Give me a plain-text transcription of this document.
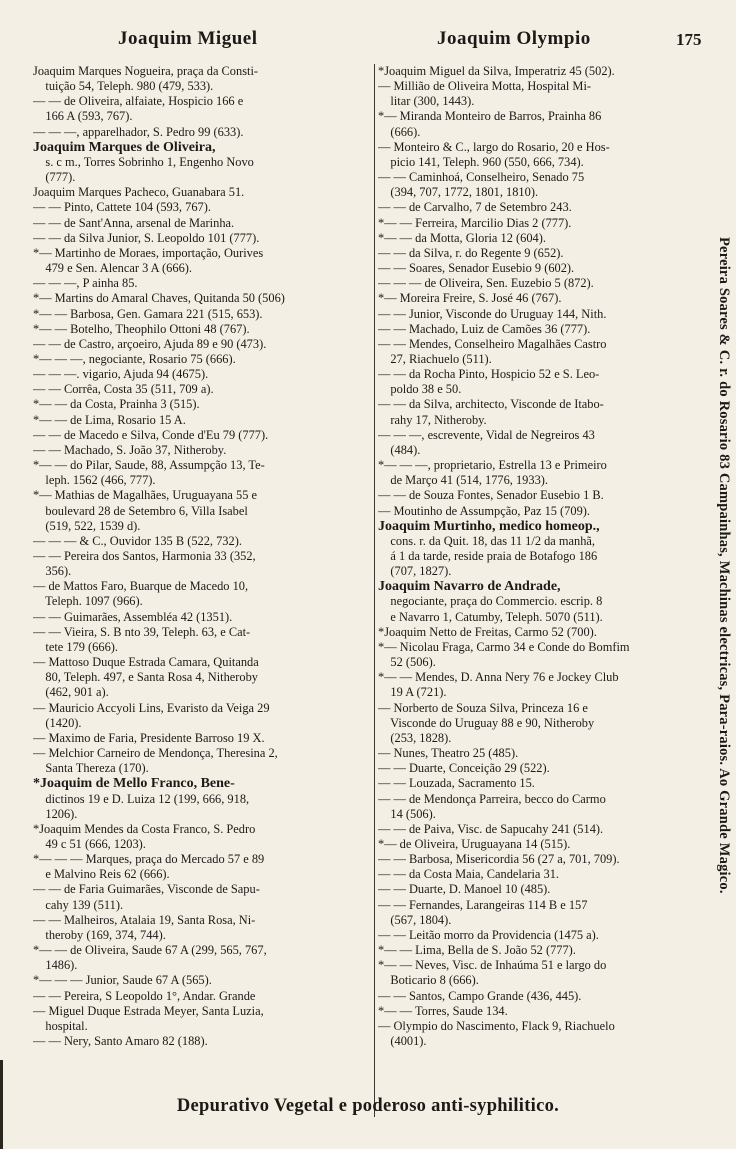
Joaquim Miguel	Joaquim Olympio	175
Joaquim Marques Nogueira, praça da Consti-
tuição 54, Teleph. 980 (479, 533).
— — de Oliveira, alfaiate, Hospicio 166 e
166 A (593, 767).
— — —, apparelhador, S. Pedro 99 (633).
Joaquim Marques de Oliveira,
s. c m., Torres Sobrinho 1, Engenho Novo
(777).
Joaquim Marques Pacheco, Guanabara 51.
— — Pinto, Cattete 104 (593, 767).
— — de Sant'Anna, arsenal de Marinha.
— — da Silva Junior, S. Leopoldo 101 (777).
*— Martinho de Moraes, importação, Ourives
479 e Sen. Alencar 3 A (666).
— — —, P ainha 85.
*— Martins do Amaral Chaves, Quitanda 50 (506)
*— — Barbosa, Gen. Gamara 221 (515, 653).
*— — Botelho, Theophilo Ottoni 48 (767).
— — de Castro, arçoeiro, Ajuda 89 e 90 (473).
*— — —, negociante, Rosario 75 (666).
— — —. vigario, Ajuda 94 (4675).
— — Corrêa, Costa 35 (511, 709 a).
*— — da Costa, Prainha 3 (515).
*— — de Lima, Rosario 15 A.
— — de Macedo e Silva, Conde d'Eu 79 (777).
— — Machado, S. João 37, Nitheroby.
*— — do Pilar, Saude, 88, Assumpção 13, Te-
leph. 1562 (466, 777).
*— Mathias de Magalhães, Uruguayana 55 e
boulevard 28 de Setembro 6, Villa Isabel
(519, 522, 1539 d).
— — — & C., Ouvidor 135 B (522, 732).
— — Pereira dos Santos, Harmonia 33 (352,
356).
— de Mattos Faro, Buarque de Macedo 10,
Teleph. 1097 (966).
— — Guimarães, Assembléa 42 (1351).
— — Vieira, S. B nto 39, Teleph. 63, e Cat-
tete 179 (666).
— Mattoso Duque Estrada Camara, Quitanda
80, Teleph. 497, e Santa Rosa 4, Nitheroby
(462, 901 a).
— Mauricio Accyoli Lins, Evaristo da Veiga 29
(1420).
— Maximo de Faria, Presidente Barroso 19 X.
— Melchior Carneiro de Mendonça, Theresina 2,
Santa Thereza (170).
*Joaquim de Mello Franco, Bene-
dictinos 19 e D. Luiza 12 (199, 666, 918,
1206).
*Joaquim Mendes da Costa Franco, S. Pedro
49 c 51 (666, 1203).
*— — — Marques, praça do Mercado 57 e 89
e Malvino Reis 62 (666).
— — de Faria Guimarães, Visconde de Sapu-
cahy 139 (511).
— — Malheiros, Atalaia 19, Santa Rosa, Ni-
theroby (169, 374, 744).
*— — de Oliveira, Saude 67 A (299, 565, 767,
1486).
*— — — Junior, Saude 67 A (565).
— — Pereira, S Leopoldo 1°, Andar. Grande
— Miguel Duque Estrada Meyer, Santa Luzia,
hospital.
— — Nery, Santo Amaro 82 (188).
*Joaquim Miguel da Silva, Imperatriz 45 (502).
— Millião de Oliveira Motta, Hospital Mi-
litar (300, 1443).
*— Miranda Monteiro de Barros, Prainha 86
(666).
— Monteiro & C., largo do Rosario, 20 e Hos-
picio 141, Teleph. 960 (550, 666, 734).
— — Caminhoá, Conselheiro, Senado 75
(394, 707, 1772, 1801, 1810).
— — de Carvalho, 7 de Setembro 243.
*— — Ferreira, Marcilio Dias 2 (777).
*— — da Motta, Gloria 12 (604).
— — da Silva, r. do Regente 9 (652).
— — Soares, Senador Eusebio 9 (602).
— — — de Oliveira, Sen. Euzebio 5 (872).
*— Moreira Freire, S. José 46 (767).
— — Junior, Visconde do Uruguay 144, Nith.
— — Machado, Luiz de Camões 36 (777).
— — Mendes, Conselheiro Magalhães Castro
27, Riachuelo (511).
— — da Rocha Pinto, Hospicio 52 e S. Leo-
poldo 38 e 50.
— — da Silva, architecto, Visconde de Itabo-
rahy 17, Nitheroby.
— — —, escrevente, Vidal de Negreiros 43
(484).
*— — —, proprietario, Estrella 13 e Primeiro
de Março 41 (514, 1776, 1933).
— — de Souza Fontes, Senador Eusebio 1 B.
— Moutinho de Assumpção, Paz 15 (709).
Joaquim Murtinho, medico homeop.,
cons. r. da Quit. 18, das 11 1/2 da manhã,
á 1 da tarde, reside praia de Botafogo 186
(707, 1827).
Joaquim Navarro de Andrade,
negociante, praça do Commercio. escrip. 8
e Navarro 1, Catumby, Teleph. 5070 (511).
*Joaquim Netto de Freitas, Carmo 52 (700).
*— Nicolau Fraga, Carmo 34 e Conde do Bomfim
52 (506).
*— — Mendes, D. Anna Nery 76 e Jockey Club
19 A (721).
— Norberto de Souza Silva, Princeza 16 e
Visconde do Uruguay 88 e 90, Nitheroby
(253, 1828).
— Nunes, Theatro 25 (485).
— — Duarte, Conceição 29 (522).
— — Louzada, Sacramento 15.
— — de Mendonça Parreira, becco do Carmo
14 (506).
— — de Paiva, Visc. de Sapucahy 241 (514).
*— de Oliveira, Uruguayana 14 (515).
— — Barbosa, Misericordia 56 (27 a, 701, 709).
— — da Costa Maia, Candelaria 31.
— — Duarte, D. Manoel 10 (485).
— — Fernandes, Larangeiras 114 B e 157
(567, 1804).
— — Leitão morro da Providencia (1475 a).
*— — Lima, Bella de S. João 52 (777).
*— — Neves, Visc. de Inhaúma 51 e largo do
Boticario 8 (666).
— — Santos, Campo Grande (436, 445).
*— — Torres, Saude 134.
— Olympio do Nascimento, Flack 9, Riachuelo
(4001).
Pereira Soares & C. r. do Rosario 83 Campainhas, Machinas electricas, Para-raios. Ao Grande Magico.
Depurativo Vegetal e poderoso anti-syphilitico.
